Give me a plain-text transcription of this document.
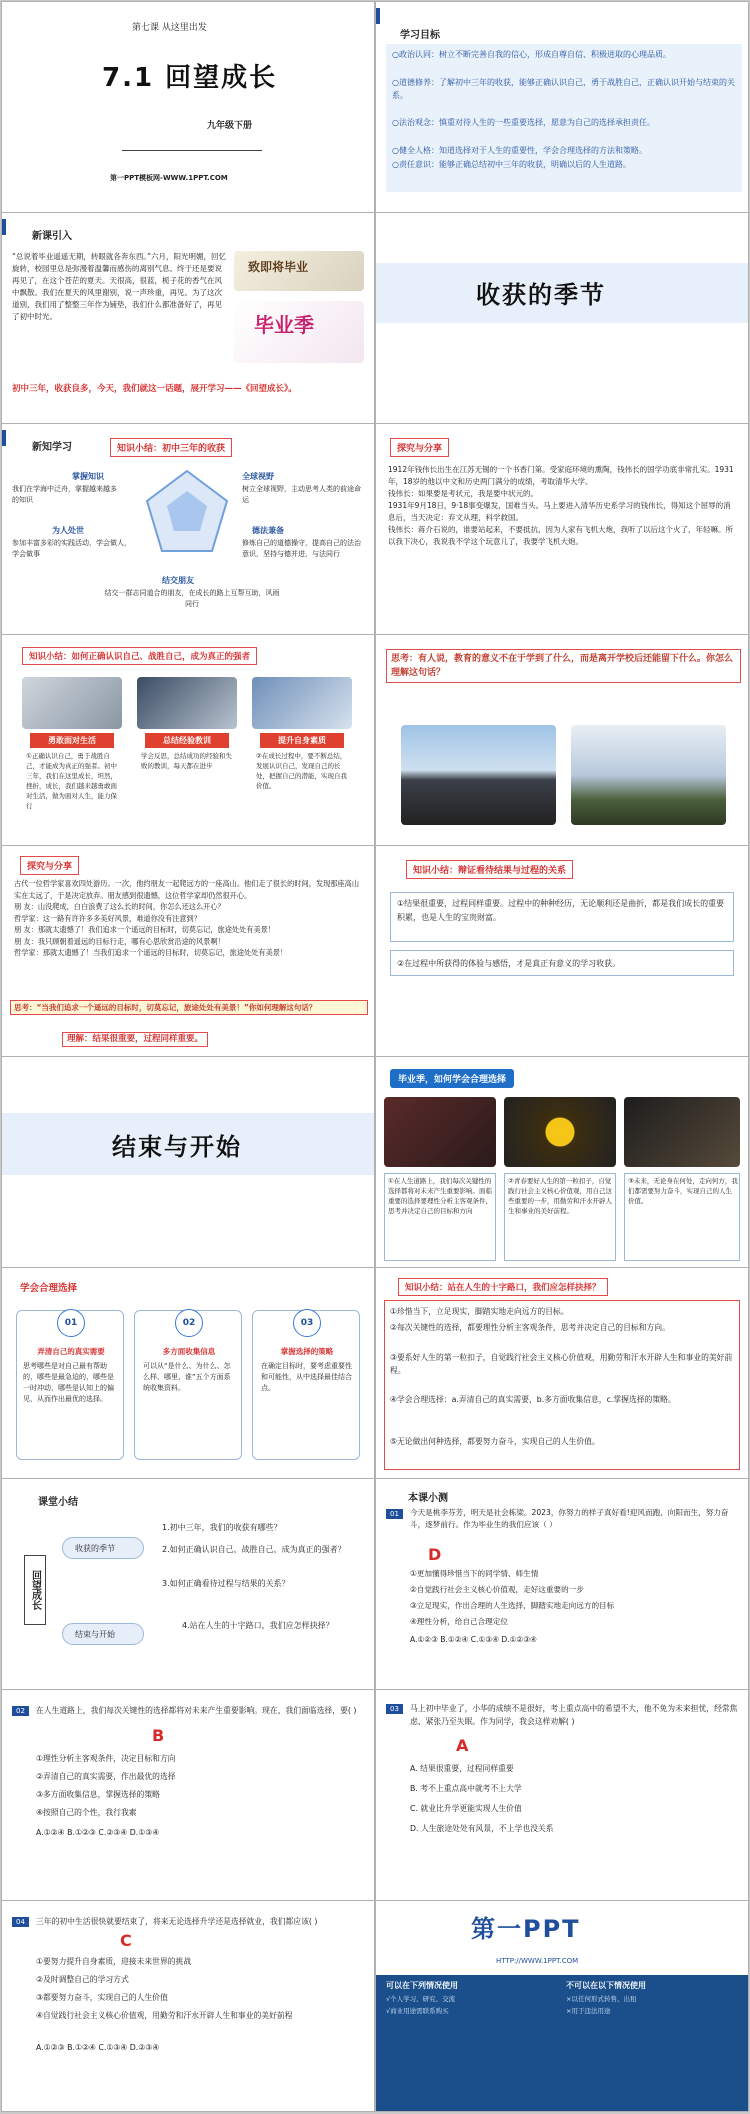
第七课 从这里出发
7.1 回望成长
九年级下册
第一PPT模板网-WWW.1PPT.COM
学习目标
○政治认同：树立不断完善自我的信心，形成自尊自信、积极进取的心理品质。
○道德修养：了解初中三年的收获，能够正确认识自己，勇于战胜自己，正确认识开始与结束的关系。
○法治观念：慎重对待人生的一些重要选择，愿意为自己的选择承担责任。
○健全人格：知道选择对于人生的重要性，学会合理选择的方法和策略。
○责任意识：能够正确总结初中三年的收获，明确以后的人生道路。
新课引入
“总说着毕业遥遥无期，转眼就各奔东西。”六月，阳光明媚，回忆旋转，校园里总是弥漫着温馨而感伤的离别气息。终于还是要说再见了，在这个苍茫的夏天。天很高，很蓝，栀子花的香气在风中飘散。我们在夏天的风里谢别，说一声珍重，再见。为了这次道别，我们用了整整三年作为铺垫，我们什么都准备好了，再见了初中时光。
致即将毕业
毕业季
初中三年，收获良多，今天，我们就这一话题，展开学习——《回望成长》。
收获的季节
新知学习	知识小结：初中三年的收获
掌握知识
我们在学海中泛舟，掌握越来越多的知识
全球视野
树立全球视野，主动思考人类的前途命运
为人处世
参加丰富多彩的实践活动，学会做人，学会做事
德法兼备
修炼自己的道德操守，提高自己的法治意识，坚持与德并进，与法同行
结交朋友
结交一群志同道合的朋友，在成长的路上互帮互助，风雨同行
探究与分享
1912年钱伟长出生在江苏无锡的一个书香门第。受家庭环境的熏陶，钱伟长的国学功底非常扎实。1931年，18岁的他以中文和历史两门满分的成绩，考取清华大学。
钱伟长：如果要是考状元，我是要中状元的。
1931年9月18日，9·18事变爆发，国难当头。马上要进入清华历史系学习的钱伟长，得知这个屈辱的消息后，当天决定：弃文从理，科学救国。
钱伟长：蒋介石说的，谁要站起来，不要抵抗，因为人家有飞机大炮，我听了以后这个火了，年轻嘛。所以我下决心，我说我不学这个玩意儿了，我要学飞机大炮。
知识小结：如何正确认识自己、战胜自己，成为真正的强者
勇敢面对生活	总结经验教训	提升自身素质
①正确认识自己，勇于战胜自己，才能成为真正的强者。初中三年，我们在这里成长，坦然，挫折，成长，我们越来越勇敢面对生活，做为面对人生，能力保行
学会反思，总结成功的经验和失败的教训，每天都在进步
②在成长过程中，要不断总结，发展认识自己，发现自己的长处，把握自己的潜能，实现自我价值。
思考：有人说，教育的意义不在于学到了什么，而是离开学校后还能留下什么。你怎么理解这句话？
探究与分享
古代一位哲学家喜欢四处游历。一次，他约朋友一起爬远方的一座高山。他们走了很长的时间，发现那座高山实在太远了，于是决定放弃。朋友感到很遗憾，这位哲学家却仍然很开心。
朋 友：山没爬成，白白浪费了这么长的时间，你怎么还这么开心？
哲学家：这一路有许许多多美好风景，难道你没有注意到？
朋 友：那就太遗憾了！我们追求一个遥远的目标时，切莫忘记，旅途处处有美景！
朋 友：我只顾朝着遥远的目标行走，哪有心思欣赏沿途的风景啊！
哲学家：那就太遗憾了！当我们追求一个遥远的目标时，切莫忘记，旅途处处有美景！
思考：“当我们追求一个遥远的目标时，切莫忘记，旅途处处有美景！”你如何理解这句话？
理解：结果很重要，过程同样重要。
知识小结：辩证看待结果与过程的关系
①结果很重要，过程同样重要。过程中的种种经历，无论顺利还是曲折，都是我们成长的重要积累，也是人生的宝贵财富。
②在过程中所获得的体验与感悟，才是真正有意义的学习收获。
结束与开始
毕业季，如何学会合理选择
①在人生道路上，我们每次关键性的选择都将对未来产生重要影响。面临重要的选择要理性分析主客观条件，思考并决定自己的目标和方向
②青春要好人生的第一粒扣子，自觉践行社会主义核心价值观，用自己这些重要的一步，用勤劳和汗水开辟人生和事业的美好前程。
③未来，无论身在何处，走向何方，我们都需要努力奋斗，实现自己的人生价值。
学会合理选择
01
弄清自己的真实需要
思考哪些是对自己最有帮助的，哪些是最急迫的，哪些是一时冲动，哪些是认知上的偏见，从而作出最优的选择。
02
多方面收集信息
可以从“是什么、为什么、怎么样、哪里、谁”五个方面系统收集资料。
03
掌握选择的策略
在确定目标时，要考虑重要性和可能性，从中选择最佳结合点。
知识小结：站在人生的十字路口，我们应怎样抉择？
①珍惜当下，立足现实，脚踏实地走向远方的目标。
②每次关键性的选择，都要理性分析主客观条件，思考并决定自己的目标和方向。
③要系好人生的第一粒扣子，自觉践行社会主义核心价值观，用勤劳和汗水开辟人生和事业的美好前程。
④学会合理选择：a.弄清自己的真实需要，b.多方面收集信息，c.掌握选择的策略。
⑤无论做出何种选择，都要努力奋斗，实现自己的人生价值。
课堂小结
回望成长
收获的季节
结束与开始
1.初中三年，我们的收获有哪些？
2.如何正确认识自己，战胜自己，成为真正的强者？
3.如何正确看待过程与结果的关系？
4.站在人生的十字路口，我们应怎样抉择？
本课小测
01	今天是桃李芬芳，明天是社会栋梁。2023，你努力的样子真好看!迎风而跑、向阳而生，努力奋斗，逐梦前行。作为毕业生的我们应该（ ）
D
①更加懂得珍惜当下的同学情、师生情
②自觉践行社会主义核心价值观，走好这重要的一步
③立足现实，作出合理的人生选择，脚踏实地走向远方的目标
④理性分析，给自己合理定位
A.①②③ B.①②④ C.①③④ D.①②③④
02	在人生道路上，我们每次关键性的选择都将对未来产生重要影响。现在，我们面临选择，要( )
B
①理性分析主客观条件，决定目标和方向
②弄清自己的真实需要，作出最优的选择
③多方面收集信息，掌握选择的策略
④按照自己的个性，我行我素
A.①②④ B.①②③ C.②③④ D.①③④
03	马上初中毕业了，小华的成绩不是很好，考上重点高中的希望不大，他不免为未来担忧，经常焦虑、紧张乃至失眠。作为同学，我会这样劝解( )
A
A. 结果很重要，过程同样重要
B. 考不上重点高中就考不上大学
C. 就业比升学更能实现人生价值
D. 人生旅途处处有风景，不上学也没关系
04	三年的初中生活很快就要结束了，将来无论选择升学还是选择就业，我们都应该( )
C
①要努力提升自身素质，迎接未来世界的挑战
②及时调整自己的学习方式
③都要努力奋斗，实现自己的人生价值
④自觉践行社会主义核心价值观，用勤劳和汗水开辟人生和事业的美好前程
A.①②③ B.①②④ C.①③④ D.②③④
第一PPT
HTTP://WWW.1PPT.COM
可以在下列情况使用
√个人学习、研究、交流
√商业用途需联系购买
不可以在以下情况使用
×以任何形式转售、出租
×用于违法用途
